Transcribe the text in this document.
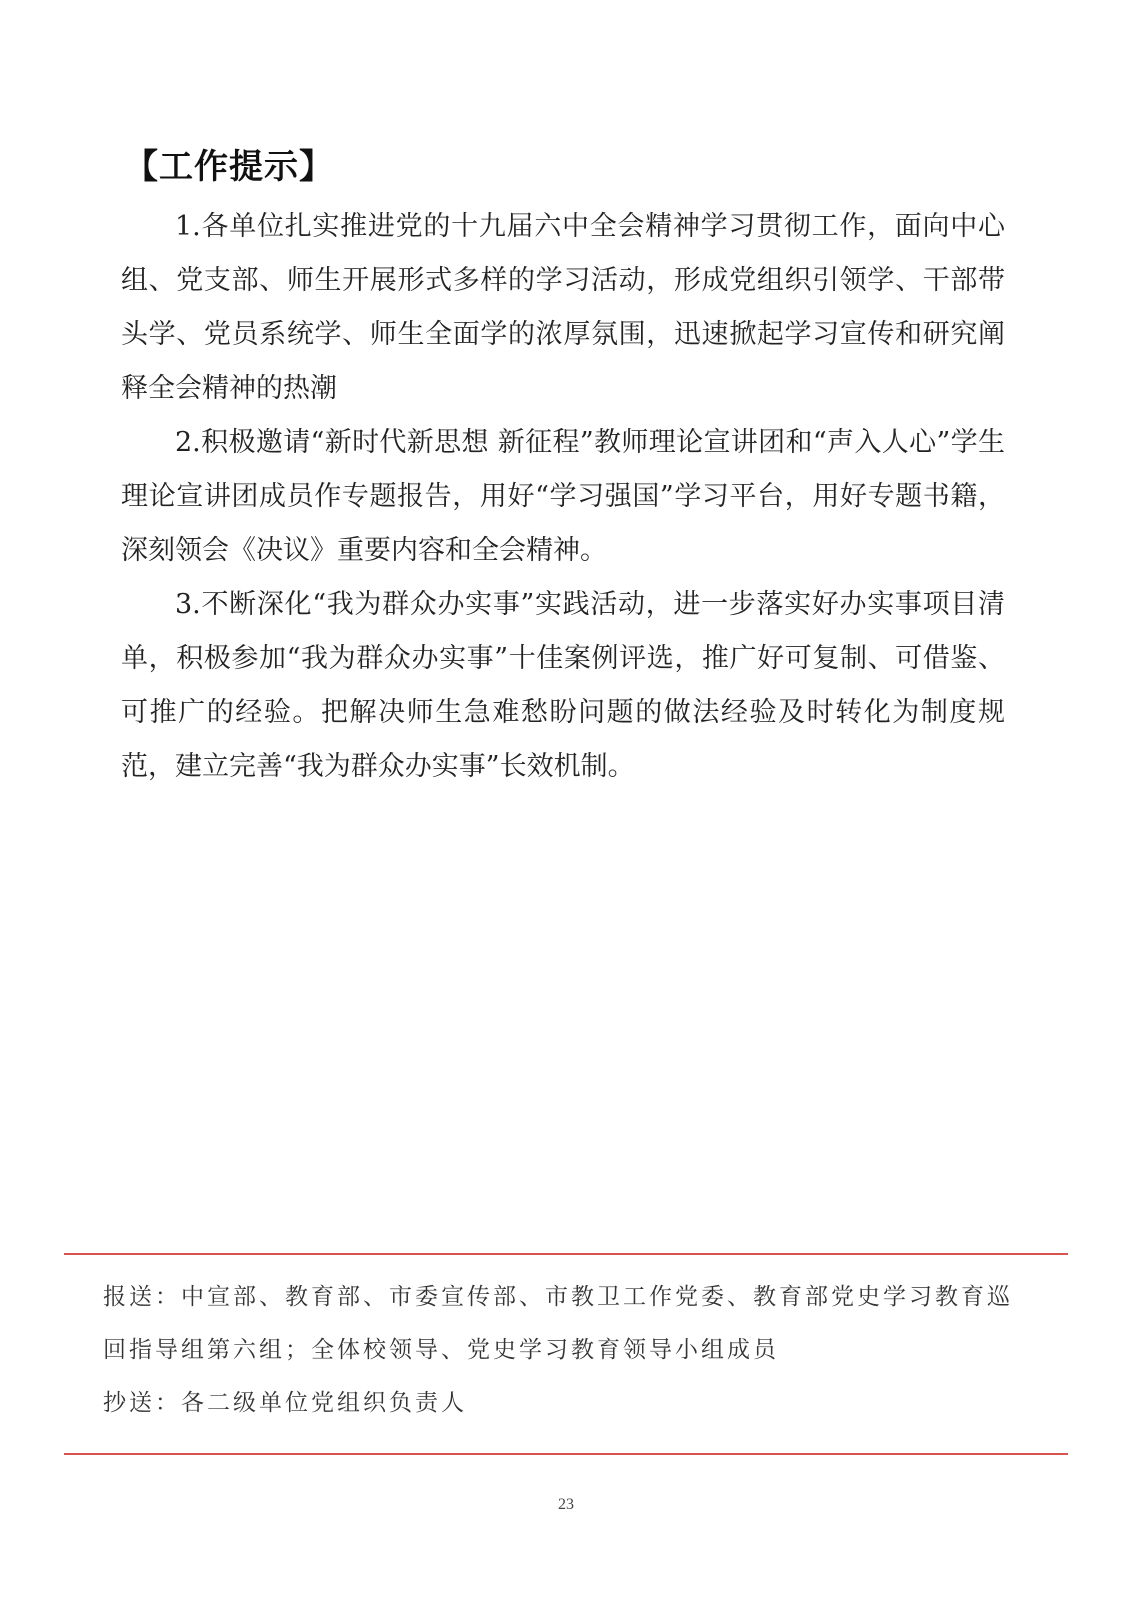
【工作提示】

1.各单位扎实推进党的十九届六中全会精神学习贯彻工作，面向中心组、党支部、师生开展形式多样的学习活动，形成党组织引领学、干部带头学、党员系统学、师生全面学的浓厚氛围，迅速掀起学习宣传和研究阐释全会精神的热潮

2.积极邀请“新时代新思想 新征程”教师理论宣讲团和“声入人心”学生理论宣讲团成员作专题报告，用好“学习强国”学习平台，用好专题书籍，深刻领会《决议》重要内容和全会精神。

3.不断深化“我为群众办实事”实践活动，进一步落实好办实事项目清单，积极参加“我为群众办实事”十佳案例评选，推广好可复制、可借鉴、可推广的经验。把解决师生急难愁盼问题的做法经验及时转化为制度规范，建立完善“我为群众办实事”长效机制。

报送：中宣部、教育部、市委宣传部、市教卫工作党委、教育部党史学习教育巡回指导组第六组；全体校领导、党史学习教育领导小组成员

抄送：各二级单位党组织负责人

23
